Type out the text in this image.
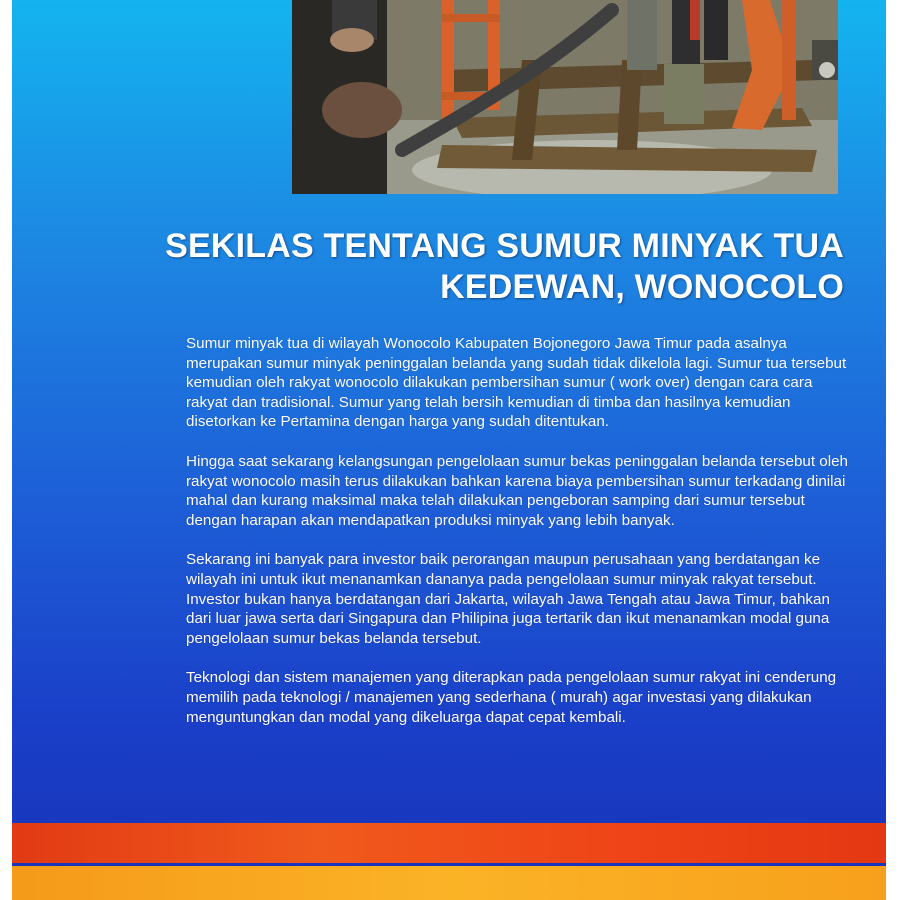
SEKILAS TENTANG SUMUR MINYAK TUA
KEDEWAN, WONOCOLO

Sumur minyak tua di wilayah Wonocolo Kabupaten Bojonegoro Jawa Timur pada asalnya merupakan sumur minyak peninggalan belanda yang sudah tidak dikelola lagi. Sumur tua tersebut kemudian oleh rakyat wonocolo dilakukan pembersihan sumur ( work over) dengan cara cara rakyat dan tradisional. Sumur yang telah bersih kemudian di timba dan hasilnya kemudian disetorkan ke Pertamina dengan harga yang sudah ditentukan.

Hingga saat sekarang kelangsungan pengelolaan sumur bekas peninggalan belanda tersebut oleh rakyat wonocolo masih terus dilakukan bahkan karena biaya pembersihan sumur terkadang dinilai mahal dan kurang maksimal maka telah dilakukan pengeboran samping dari sumur tersebut dengan harapan akan mendapatkan produksi minyak yang lebih banyak.

Sekarang ini banyak para investor baik perorangan maupun perusahaan yang berdatangan ke wilayah ini untuk ikut menanamkan dananya pada pengelolaan sumur minyak rakyat tersebut. Investor bukan hanya berdatangan dari Jakarta, wilayah Jawa Tengah atau Jawa Timur, bahkan dari luar jawa serta dari Singapura dan Philipina juga tertarik dan ikut menanamkan modal guna pengelolaan sumur bekas belanda tersebut.

Teknologi dan sistem manajemen yang diterapkan pada pengelolaan sumur rakyat ini cenderung memilih pada teknologi / manajemen yang sederhana ( murah) agar investasi yang dilakukan menguntungkan dan modal yang dikeluarga dapat cepat kembali.
